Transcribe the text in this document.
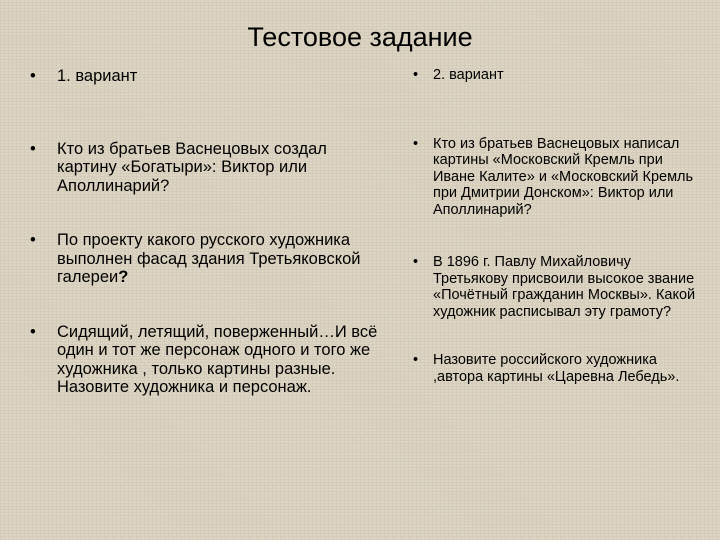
Тестовое задание
• 1. вариант
• Кто из братьев Васнецовых создал картину «Богатыри»: Виктор или Аполлинарий?
• По проекту какого русского художника выполнен фасад здания Третьяковской галереи?
• Сидящий, летящий, поверженный…И всё один и тот же персонаж одного и того же художника , только картины разные. Назовите художника и персонаж.
• 2. вариант
• Кто из братьев Васнецовых написал картины «Московский Кремль при Иване Калите» и «Московский Кремль при Дмитрии Донском»: Виктор или Аполлинарий?
• В 1896 г. Павлу Михайловичу Третьякову присвоили высокое звание «Почётный гражданин Москвы». Какой художник расписывал эту грамоту?
• Назовите российского художника ,автора картины «Царевна Лебедь».
